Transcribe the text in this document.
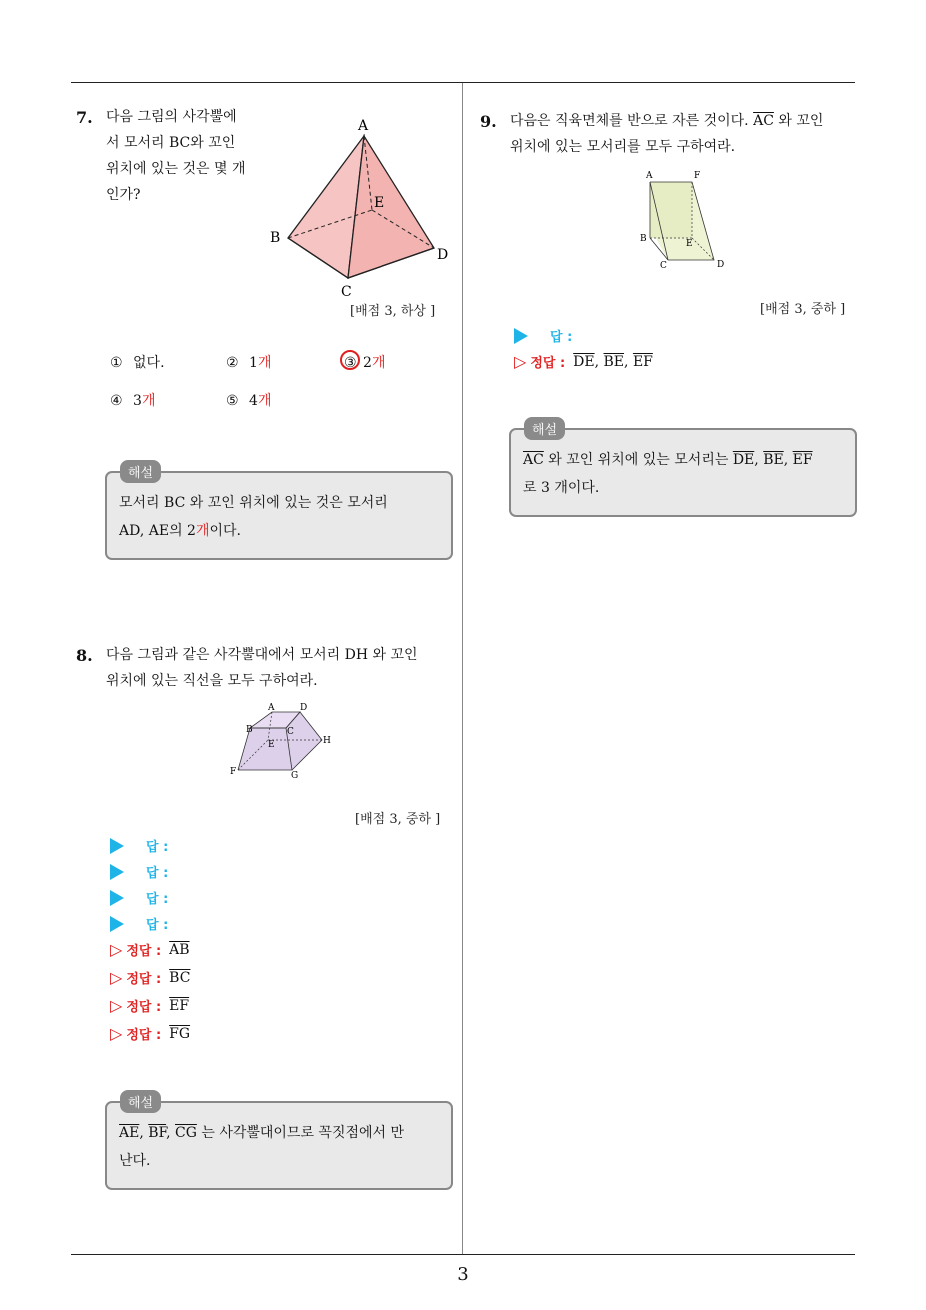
7. 다음 그림의 사각뿔에
서 모서리 BC와 꼬인
위치에 있는 것은 몇 개
인가?
A
B
C
D
E
[배점 3, 하상 ]
① 없다.	② 1개	③ 2개
④ 3개	⑤ 4개
모서리 BC 와 꼬인 위치에 있는 것은 모서리
AD, AE의 2개이다.
해설
8. 다음 그림과 같은 사각뿔대에서 모서리 DH 와 꼬인
위치에 있는 직선을 모두 구하여라.
A	D
B	C
E	H
F	G
[배점 3, 중하 ]
답 :
답 :
답 :
답 :
▷ 정답 : $\overline{AB}$
▷ 정답 : $\overline{BC}$
▷ 정답 : $\overline{EF}$
▷ 정답 : $\overline{FG}$
$\overline{AE}$, $\overline{BF}$, $\overline{CG}$ 는 사각뿔대이므로 꼭짓점에서 만
난다.
해설
9. 다음은 직육면체를 반으로 자른 것이다. $\overline{AC}$ 와 꼬인
위치에 있는 모서리를 모두 구하여라.
A	F
B	E
C	D
[배점 3, 중하 ]
답 :
▷ 정답 : $\overline{DE}$ , $\overline{BE}$ , $\overline{EF}$
$\overline{AC}$ 와 꼬인 위치에 있는 모서리는 $\overline{DE}$, $\overline{BE}$, $\overline{EF}$
로 3 개이다.
해설
3
